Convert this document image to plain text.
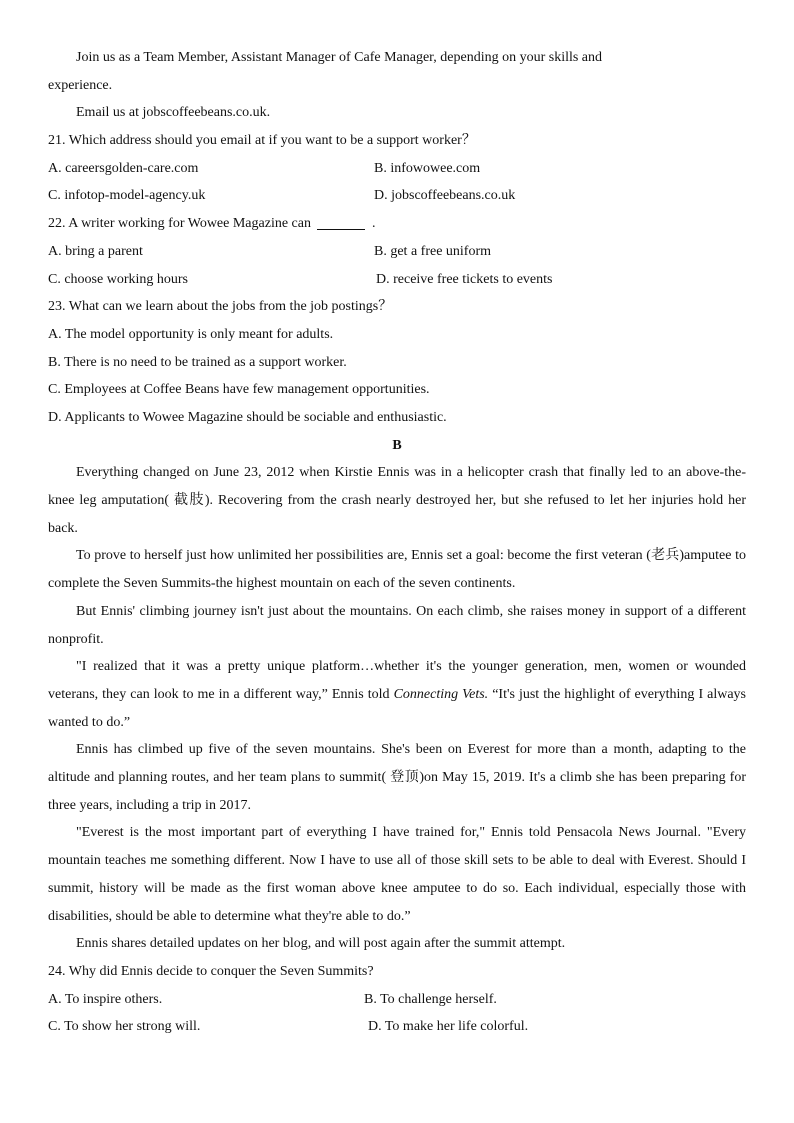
Join us as a Team Member, Assistant Manager of Cafe Manager, depending on your skills and
experience.
Email us at jobscoffeebeans.co.uk.
21. Which address should you email at if you want to be a support worker？
A. careersgolden-care.com	B. infowowee.com
C. infotop-model-agency.uk	D. jobscoffeebeans.co.uk
22. A writer working for Wowee Magazine can	.
A. bring a parent	B. get a free uniform
C. choose working hours	D. receive free tickets to events
23. What can we learn about the jobs from the job postings？
A. The model opportunity is only meant for adults.
B. There is no need to be trained as a support worker.
C. Employees at Coffee Beans have few management opportunities.
D. Applicants to Wowee Magazine should be sociable and enthusiastic.
B

Everything changed on June 23, 2012 when Kirstie Ennis was in a helicopter crash that finally led to an above-the-knee leg amputation( 截肢). Recovering from the crash nearly destroyed her, but she refused to let her injuries hold her back.

To prove to herself just how unlimited her possibilities are, Ennis set a goal: become the first veteran (老兵)amputee to complete the Seven Summits-the highest mountain on each of the seven continents.

But Ennis' climbing journey isn't just about the mountains. On each climb, she raises money in support of a different nonprofit.

"I realized that it was a pretty unique platform…whether it's the younger generation, men, women or wounded veterans, they can look to me in a different way,” Ennis told Connecting Vets. “It's just the highlight of everything I always wanted to do.”

Ennis has climbed up five of the seven mountains. She's been on Everest for more than a month, adapting to the altitude and planning routes, and her team plans to summit( 登顶)on May 15, 2019. It's a climb she has been preparing for three years, including a trip in 2017.

"Everest is the most important part of everything I have trained for," Ennis told Pensacola News Journal. "Every mountain teaches me something different. Now I have to use all of those skill sets to be able to deal with Everest. Should I summit, history will be made as the first woman above knee amputee to do so. Each individual, especially those with disabilities, should be able to determine what they're able to do.”

Ennis shares detailed updates on her blog, and will post again after the summit attempt.

24. Why did Ennis decide to conquer the Seven Summits?
A. To inspire others.	B. To challenge herself.
C. To show her strong will.	D. To make her life colorful.
